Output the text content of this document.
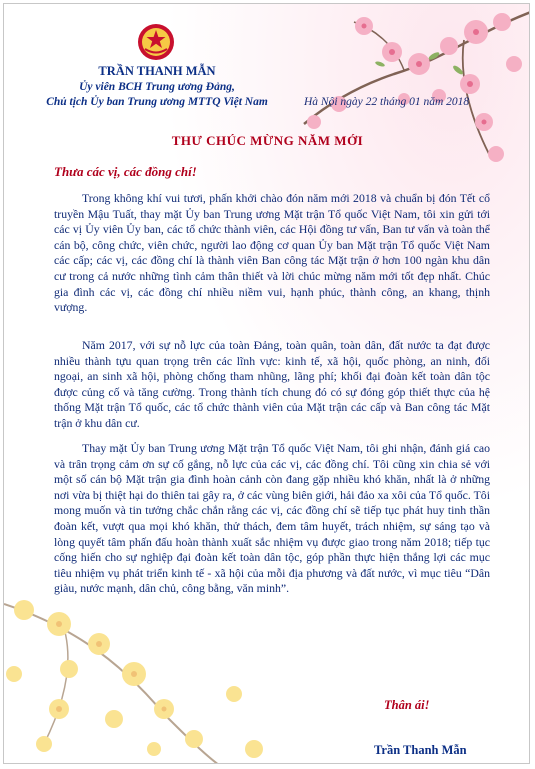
TRẦN THANH MẪN
Ủy viên BCH Trung ương Đảng,
Chủ tịch Ủy ban Trung ương MTTQ Việt Nam	Hà Nội ngày 22 tháng 01 năm 2018
THƯ CHÚC MỪNG NĂM MỚI
Thưa các vị, các đồng chí!

Trong không khí vui tươi, phấn khởi chào đón năm mới 2018 và chuẩn bị đón Tết cổ truyền Mậu Tuất, thay mặt Ủy ban Trung ương Mặt trận Tổ quốc Việt Nam, tôi xin gửi tới các vị Ủy viên Ủy ban, các tổ chức thành viên, các Hội đồng tư vấn, Ban tư vấn và toàn thể cán bộ, công chức, viên chức, người lao động cơ quan Ủy ban Mặt trận Tổ quốc Việt Nam các cấp; các vị, các đồng chí là thành viên Ban công tác Mặt trận ở hơn 100 ngàn khu dân cư trong cả nước những tình cảm thân thiết và lời chúc mừng năm mới tốt đẹp nhất. Chúc gia đình các vị, các đồng chí nhiều niềm vui, hạnh phúc, thành công, an khang, thịnh vượng.

Năm 2017, với sự nỗ lực của toàn Đảng, toàn quân, toàn dân, đất nước ta đạt được nhiều thành tựu quan trọng trên các lĩnh vực: kinh tế, xã hội, quốc phòng, an ninh, đối ngoại, an sinh xã hội, phòng chống tham nhũng, lãng phí; khối đại đoàn kết toàn dân tộc được củng cố và tăng cường. Trong thành tích chung đó có sự đóng góp thiết thực của hệ thống Mặt trận Tổ quốc, các tổ chức thành viên của Mặt trận các cấp và Ban công tác Mặt trận ở khu dân cư.

Thay mặt Ủy ban Trung ương Mặt trận Tổ quốc Việt Nam, tôi ghi nhận, đánh giá cao và trân trọng cảm ơn sự cố gắng, nỗ lực của các vị, các đồng chí. Tôi cũng xin chia sẻ với một số cán bộ Mặt trận gia đình hoàn cảnh còn đang gặp nhiều khó khăn, nhất là ở những nơi vừa bị thiệt hại do thiên tai gây ra, ở các vùng biên giới, hải đảo xa xôi của Tổ quốc. Tôi mong muốn và tin tưởng chắc chắn rằng các vị, các đồng chí sẽ tiếp tục phát huy tinh thần đoàn kết, vượt qua mọi khó khăn, thử thách, đem tâm huyết, trách nhiệm, sự sáng tạo và lòng quyết tâm phấn đấu hoàn thành xuất sắc nhiệm vụ được giao trong năm 2018; tiếp tục cống hiến cho sự nghiệp đại đoàn kết toàn dân tộc, góp phần thực hiện thắng lợi các mục tiêu nhiệm vụ phát triển kinh tế - xã hội của mỗi địa phương và đất nước, vì mục tiêu “Dân giàu, nước mạnh, dân chủ, công bằng, văn minh”.

Thân ái!
Trần Thanh Mẫn
